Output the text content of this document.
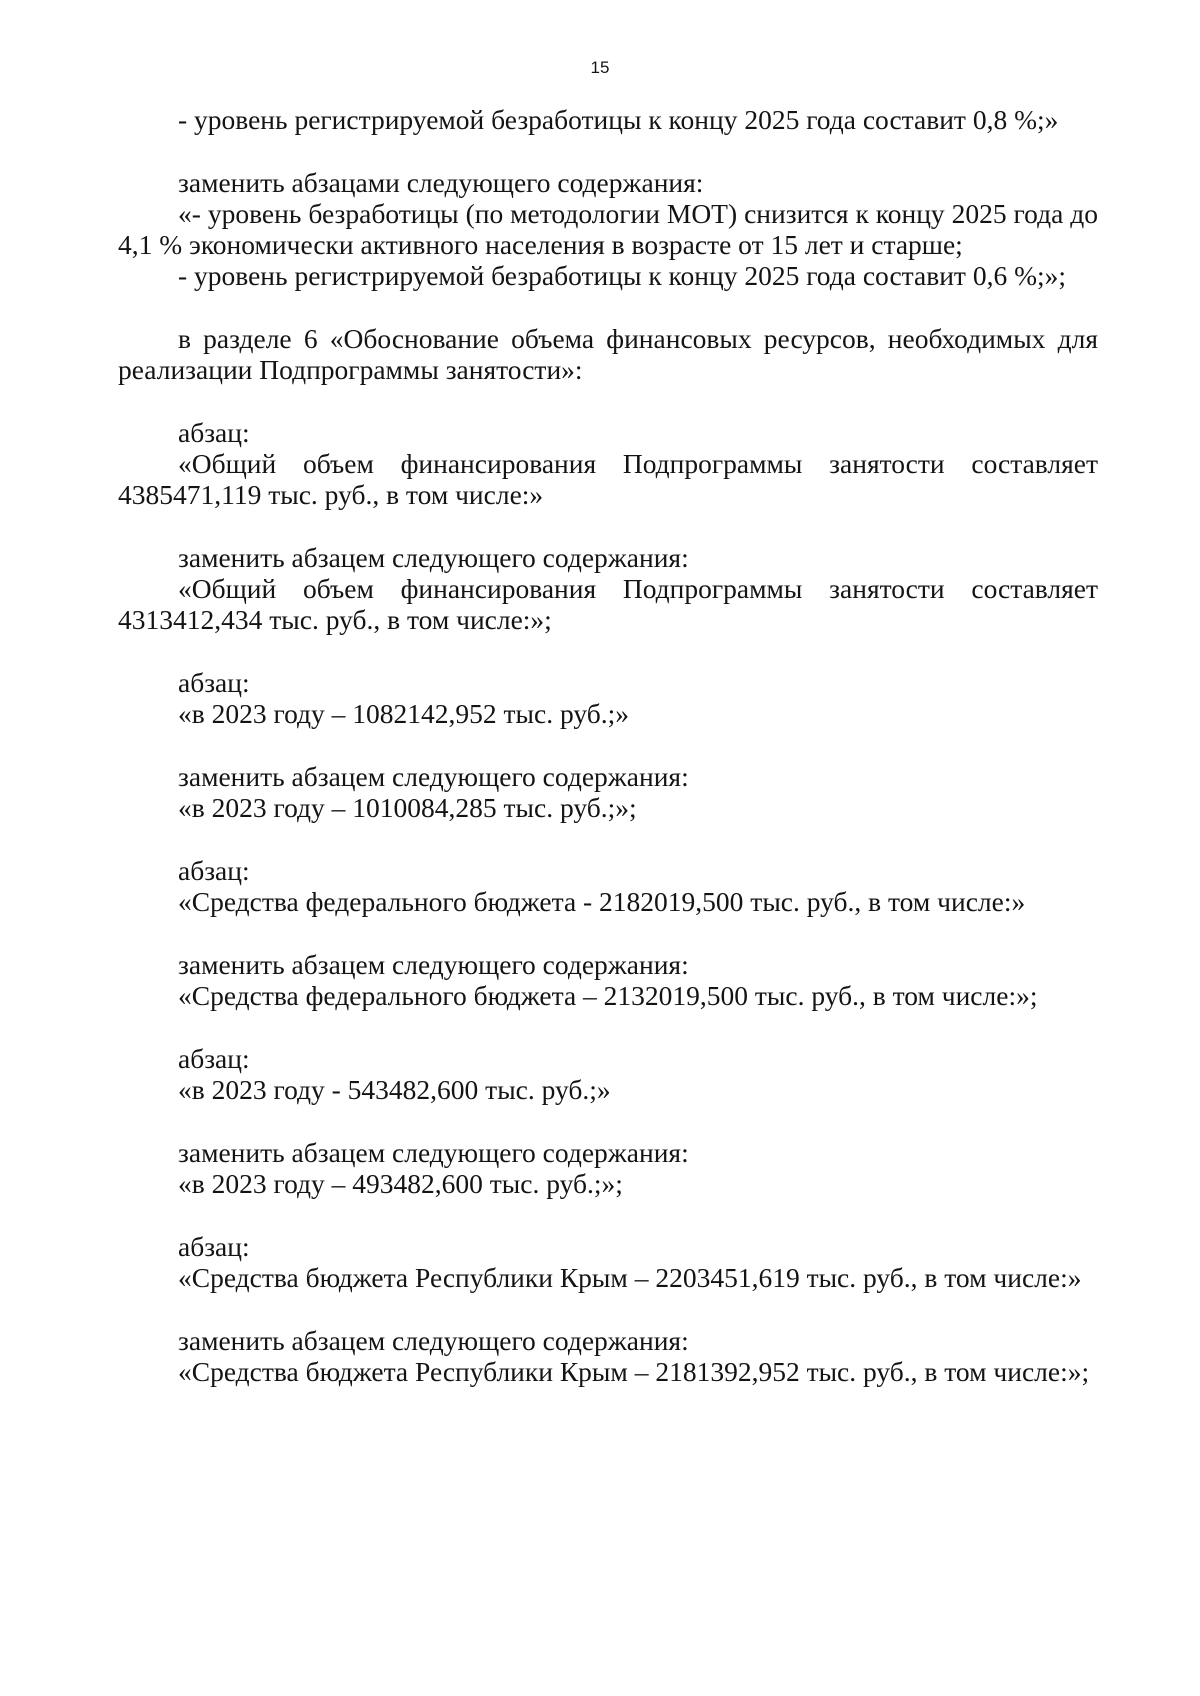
15

- уровень регистрируемой безработицы к концу 2025 года составит 0,8 %;»

заменить абзацами следующего содержания:

«- уровень безработицы (по методологии МОТ) снизится к концу 2025 года до 4,1 % экономически активного населения в возрасте от 15 лет и старше;

- уровень регистрируемой безработицы к концу 2025 года составит 0,6 %;»;

в разделе 6 «Обоснование объема финансовых ресурсов, необходимых для реализации Подпрограммы занятости»:

абзац:

«Общий объем финансирования Подпрограммы занятости составляет 4385471,119 тыс. руб., в том числе:»

заменить абзацем следующего содержания:

«Общий объем финансирования Подпрограммы занятости составляет 4313412,434 тыс. руб., в том числе:»;

абзац:

«в 2023 году – 1082142,952 тыс. руб.;»

заменить абзацем следующего содержания:

«в 2023 году – 1010084,285 тыс. руб.;»;

абзац:

«Средства федерального бюджета - 2182019,500 тыс. руб., в том числе:»

заменить абзацем следующего содержания:

«Средства федерального бюджета – 2132019,500 тыс. руб., в том числе:»;

абзац:

«в 2023 году - 543482,600 тыс. руб.;»

заменить абзацем следующего содержания:

«в 2023 году – 493482,600 тыс. руб.;»;

абзац:

«Средства бюджета Республики Крым – 2203451,619 тыс. руб., в том числе:»

заменить абзацем следующего содержания:

«Средства бюджета Республики Крым – 2181392,952 тыс. руб., в том числе:»;
